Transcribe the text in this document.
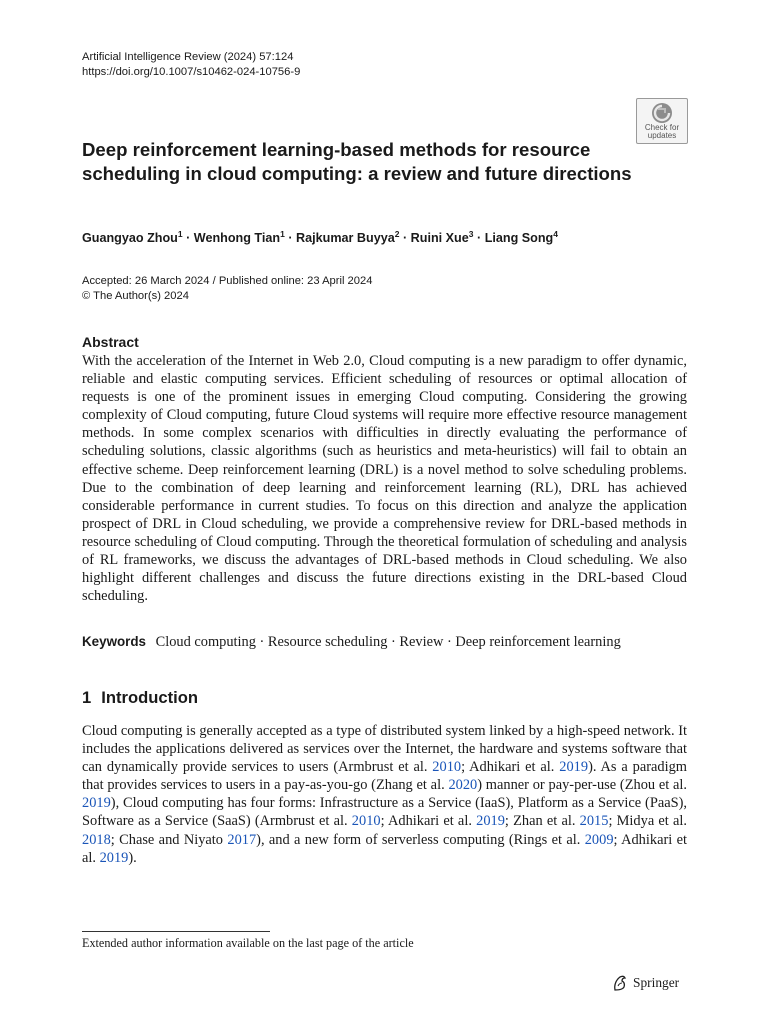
Artificial Intelligence Review (2024) 57:124
https://doi.org/10.1007/s10462-024-10756-9
Check for
updates
Deep reinforcement learning-based methods for resource scheduling in cloud computing: a review and future directions
Guangyao Zhou$^1$ · Wenhong Tian$^1$ · Rajkumar Buyya$^2$ · Ruini Xue$^3$ · Liang Song$^4$
Accepted: 26 March 2024 / Published online: 23 April 2024
© The Author(s) 2024
Abstract

With the acceleration of the Internet in Web 2.0, Cloud computing is a new paradigm to offer dynamic, reliable and elastic computing services. Efficient scheduling of resources or optimal allocation of requests is one of the prominent issues in emerging Cloud computing. Considering the growing complexity of Cloud computing, future Cloud systems will require more effective resource management methods. In some complex scenarios with difficulties in directly evaluating the performance of scheduling solutions, classic algorithms (such as heuristics and meta-heuristics) will fail to obtain an effective scheme. Deep reinforcement learning (DRL) is a novel method to solve scheduling problems. Due to the combination of deep learning and reinforcement learning (RL), DRL has achieved considerable performance in current studies. To focus on this direction and analyze the application prospect of DRL in Cloud scheduling, we provide a comprehensive review for DRL-based methods in resource scheduling of Cloud computing. Through the theoretical formulation of scheduling and analysis of RL frameworks, we discuss the advantages of DRL-based methods in Cloud scheduling. We also highlight different challenges and discuss the future directions existing in the DRL-based Cloud scheduling.

Keywords Cloud computing · Resource scheduling · Review · Deep reinforcement learning
1 Introduction

Cloud computing is generally accepted as a type of distributed system linked by a high-speed network. It includes the applications delivered as services over the Internet, the hardware and systems software that can dynamically provide services to users (Armbrust et al. 2010; Adhikari et al. 2019). As a paradigm that provides services to users in a pay-as-you-go (Zhang et al. 2020) manner or pay-per-use (Zhou et al. 2019), Cloud computing has four forms: Infrastructure as a Service (IaaS), Platform as a Service (PaaS), Software as a Service (SaaS) (Armbrust et al. 2010; Adhikari et al. 2019; Zhan et al. 2015; Midya et al. 2018; Chase and Niyato 2017), and a new form of serverless computing (Rings et al. 2009; Adhikari et al. 2019).

Extended author information available on the last page of the article
Springer
